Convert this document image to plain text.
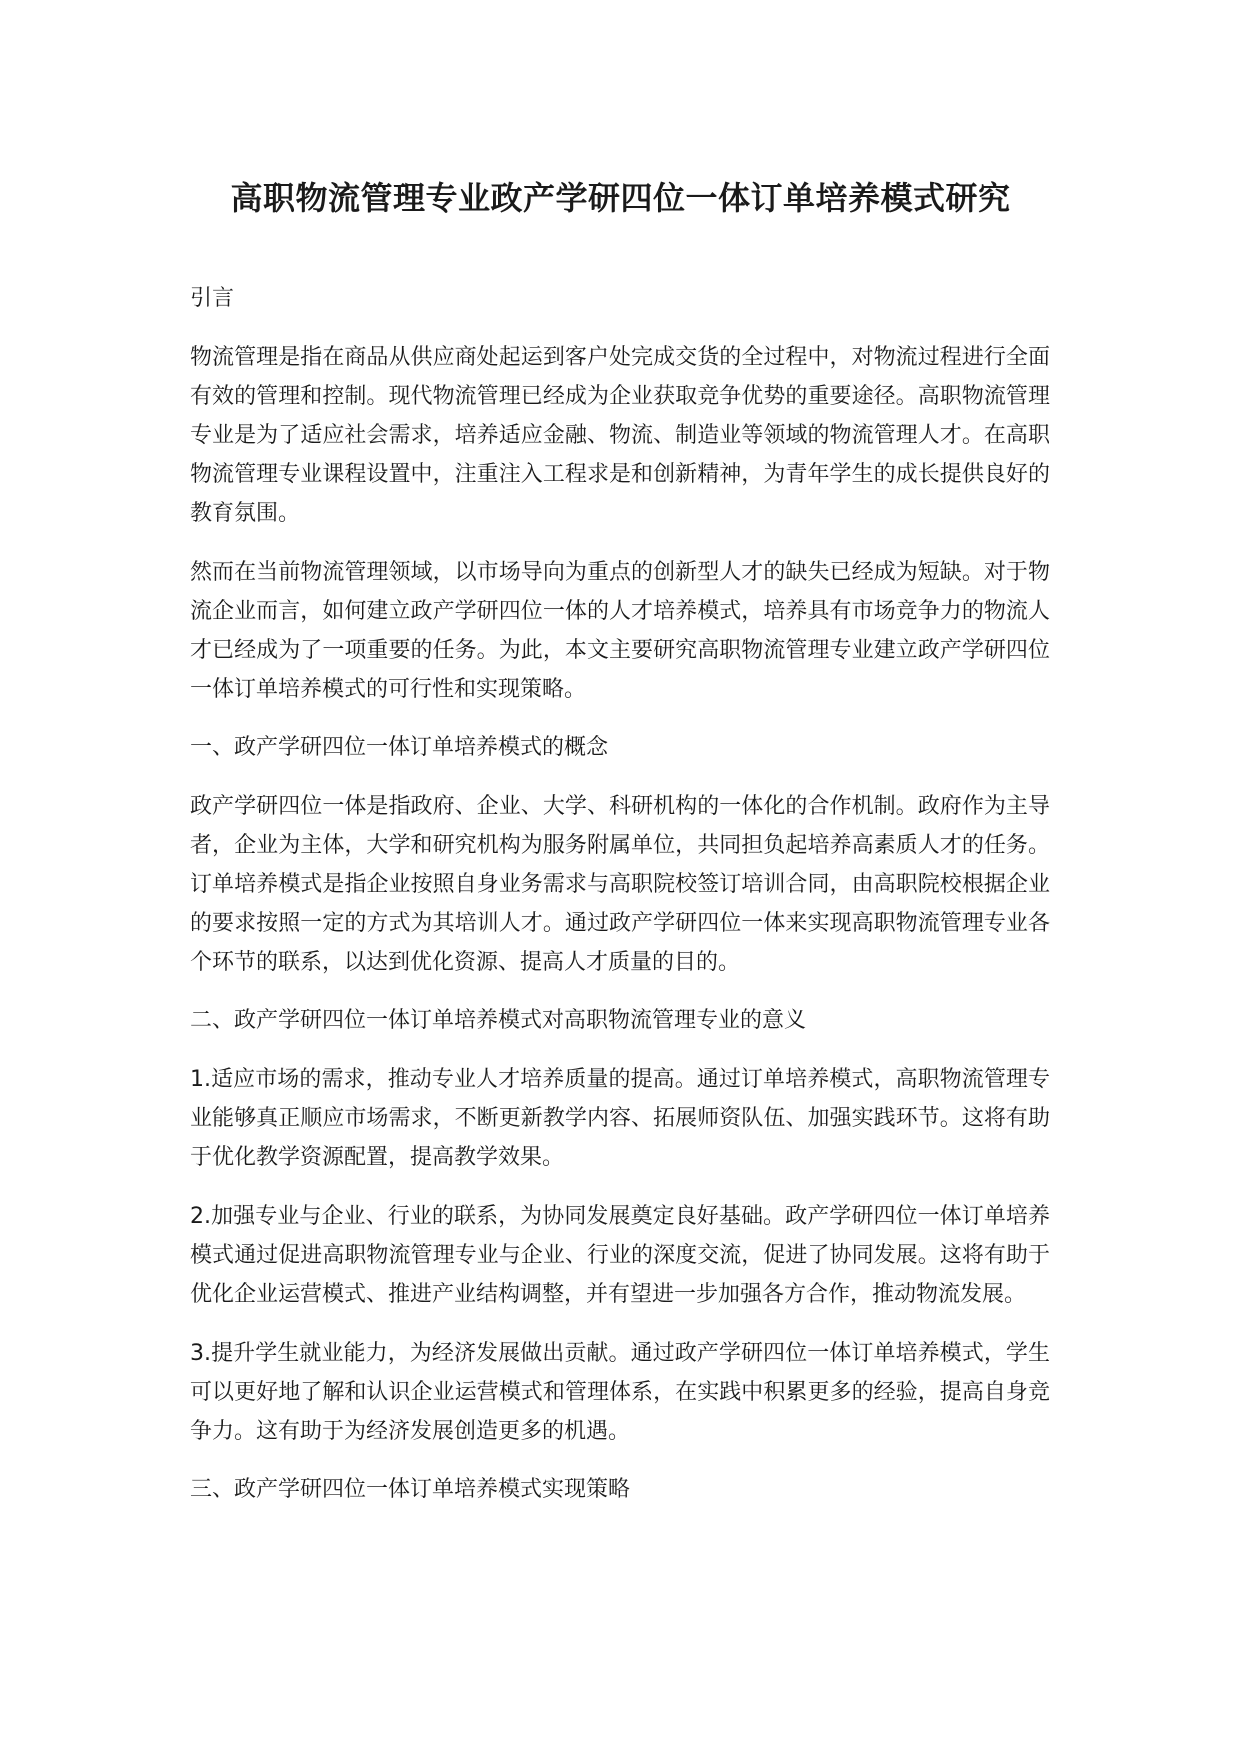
高职物流管理专业政产学研四位一体订单培养模式研究

引言

物流管理是指在商品从供应商处起运到客户处完成交货的全过程中，对物流过程进行全面有效的管理和控制。现代物流管理已经成为企业获取竞争优势的重要途径。高职物流管理专业是为了适应社会需求，培养适应金融、物流、制造业等领域的物流管理人才。在高职物流管理专业课程设置中，注重注入工程求是和创新精神，为青年学生的成长提供良好的教育氛围。

然而在当前物流管理领域，以市场导向为重点的创新型人才的缺失已经成为短缺。对于物流企业而言，如何建立政产学研四位一体的人才培养模式，培养具有市场竞争力的物流人才已经成为了一项重要的任务。为此，本文主要研究高职物流管理专业建立政产学研四位一体订单培养模式的可行性和实现策略。

一、政产学研四位一体订单培养模式的概念

政产学研四位一体是指政府、企业、大学、科研机构的一体化的合作机制。政府作为主导者，企业为主体，大学和研究机构为服务附属单位，共同担负起培养高素质人才的任务。订单培养模式是指企业按照自身业务需求与高职院校签订培训合同，由高职院校根据企业的要求按照一定的方式为其培训人才。通过政产学研四位一体来实现高职物流管理专业各个环节的联系，以达到优化资源、提高人才质量的目的。

二、政产学研四位一体订单培养模式对高职物流管理专业的意义

1.适应市场的需求，推动专业人才培养质量的提高。通过订单培养模式，高职物流管理专业能够真正顺应市场需求，不断更新教学内容、拓展师资队伍、加强实践环节。这将有助于优化教学资源配置，提高教学效果。

2.加强专业与企业、行业的联系，为协同发展奠定良好基础。政产学研四位一体订单培养模式通过促进高职物流管理专业与企业、行业的深度交流，促进了协同发展。这将有助于优化企业运营模式、推进产业结构调整，并有望进一步加强各方合作，推动物流发展。

3.提升学生就业能力，为经济发展做出贡献。通过政产学研四位一体订单培养模式，学生可以更好地了解和认识企业运营模式和管理体系，在实践中积累更多的经验，提高自身竞争力。这有助于为经济发展创造更多的机遇。

三、政产学研四位一体订单培养模式实现策略
